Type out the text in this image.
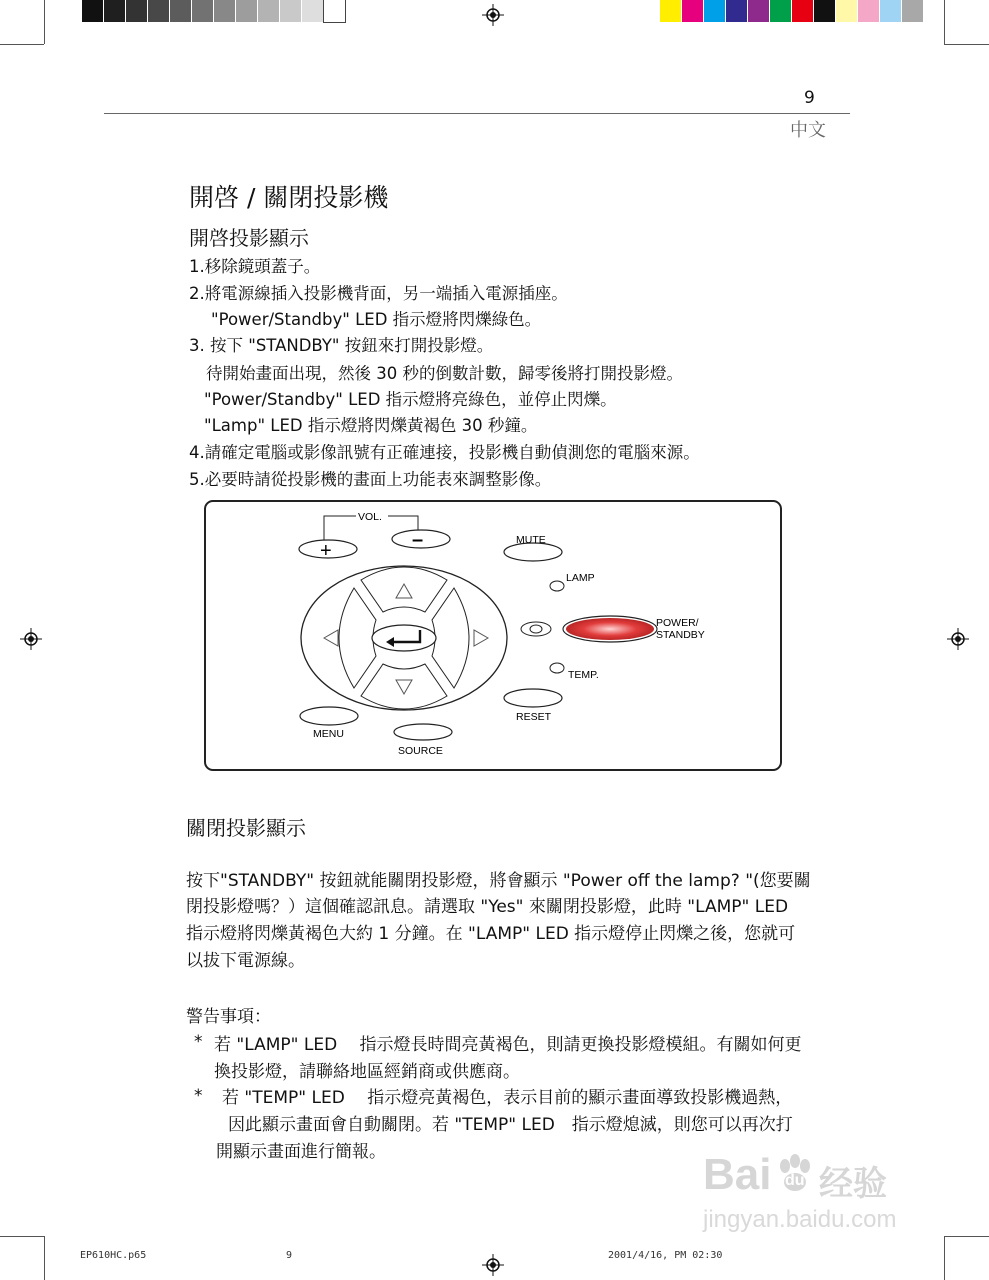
9
中文
開啓 / 關閉投影機
開啓投影顯示
1.移除鏡頭蓋子。
2.將電源線插入投影機背面，另一端插入電源插座。
"Power/Standby" LED 指示燈將閃爍綠色。
3. 按下 "STANDBY" 按鈕來打開投影燈。
待開始畫面出現，然後 30 秒的倒數計數，歸零後將打開投影燈。
"Power/Standby" LED 指示燈將亮綠色，並停止閃爍。
"Lamp" LED 指示燈將閃爍黃褐色 30 秒鐘。
4.請確定電腦或影像訊號有正確連接，投影機自動偵測您的電腦來源。
5.必要時請從投影機的畫面上功能表來調整影像。
VOL.
+	–	MUTE
LAMP
POWER/
STANDBY
TEMP.
RESET
MENU
SOURCE
關閉投影顯示
按下"STANDBY" 按鈕就能關閉投影燈，將會顯示 "Power off the lamp? "(您要關
閉投影燈嗎？）這個確認訊息。請選取 "Yes" 來關閉投影燈，此時 "LAMP" LED
指示燈將閃爍黃褐色大約 1 分鐘。在 "LAMP" LED 指示燈停止閃爍之後，您就可
以拔下電源線。
警告事項：
* 若 "LAMP" LED　 指示燈長時間亮黃褐色，則請更換投影燈模組。有關如何更
換投影燈，請聯絡地區經銷商或供應商。
* 若 "TEMP" LED　 指示燈亮黃褐色，表示目前的顯示畫面導致投影機過熱，
因此顯示畫面會自動關閉。若 "TEMP" LED　指示燈熄滅，則您可以再次打
開顯示畫面進行簡報。	Bai du 经验
jingyan.baidu.com
EP610HC.p65	9	2001/4/16, PM 02:30
